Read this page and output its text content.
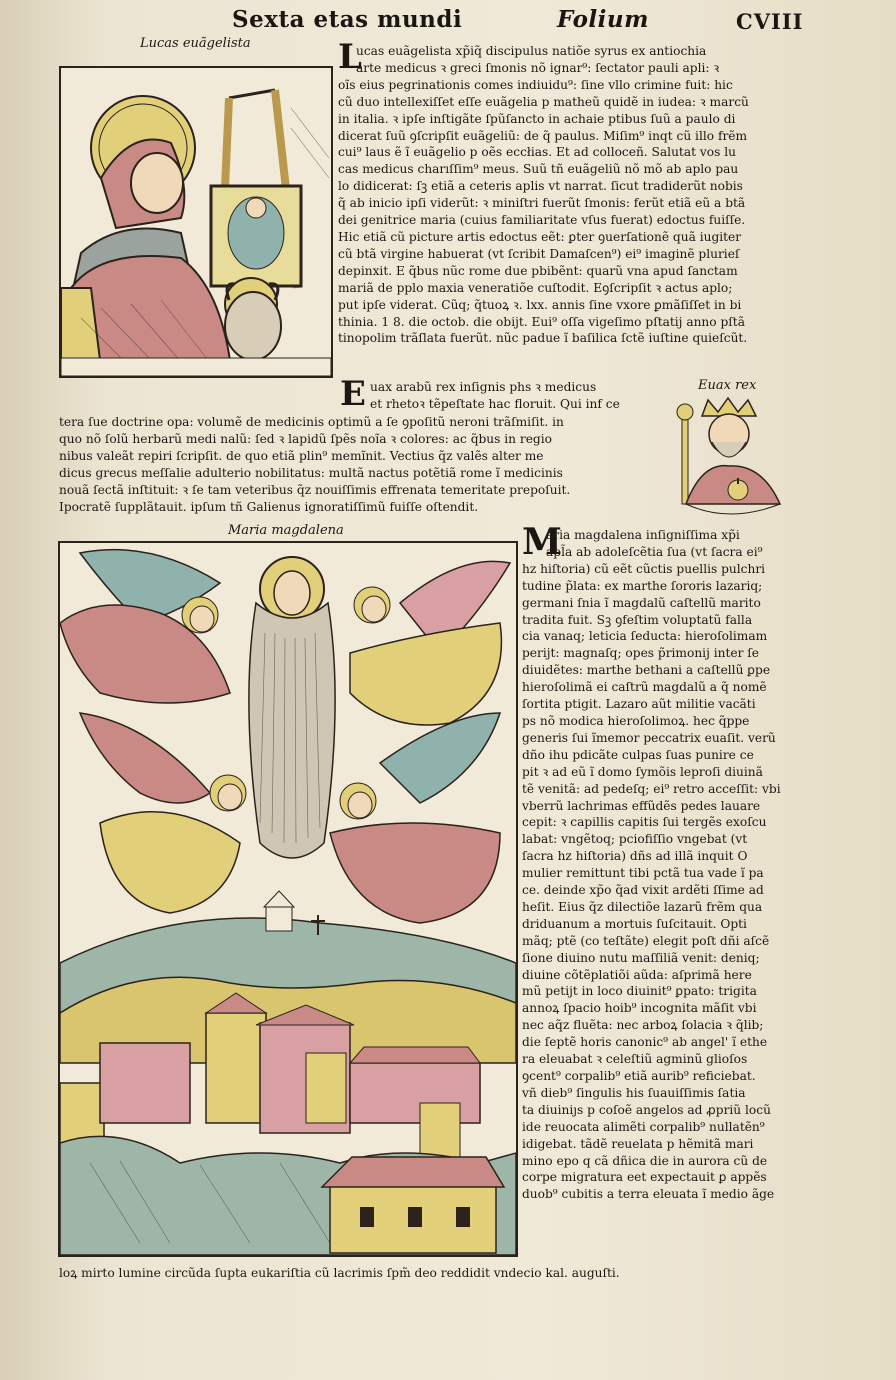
Sexta etas mundi	Folium	CVIII
Lucas euãgelista	L

ucas euãgelista xp̃iq̃ discipulus natiõe syrus ex antiochia

arte medicus ꝛ greci ſmonis nõ ignar⁹: ſectator pauli apli: ꝛ

oĩs eius pegrinationis comes indiuidu⁹: ſine vllo crimine fuit: hic

cũ duo intellexiſſet eſſe euãgelia p matheũ quidẽ in iudea: ꝛ marcũ

in italia. ꝛ ipſe inſtigãte ſpũſancto in achaie ptibus ſuũ a paulo di

dicerat ſuũ ꝯſcripſit euãgeliũ: de q̃ paulus. Miſim⁹ inqt cũ illo frẽm

cui⁹ laus ẽ ĩ euãgelio p oẽs eccłias. Et ad colloceñ. Salutat vos lu

cas medicus charıſſim⁹ meus. Suũ tñ euãgeliũ nõ mõ ab aplo pau

lo didicerat: ſꝫ etiã a ceteris aplis vt narrat. ſicut tradiderũt nobis

q̃ ab inicio ipſi viderũt: ꝛ miniſtri fuerũt ſmonis: ferũt etiã eũ a btã

dei genitrice maria (cuius familiaritate vſus fuerat) edoctus fuiſſe.

Hic etiã cũ picture artis edoctus eẽt: ꝑter ꝯuerſationẽ quã iugiter

cũ btã virgine habuerat (vt ſcribit Damaſcen⁹) ei⁹ imaginẽ plurieſ

depinxit. E q̃bus nũc rome due pbibẽnt: quarũ vna apud ſanctam

mariã de pplo maxia veneratiõe cuſtodit. Eꝯſcripſit ꝛ actus aplo;

put ipſe viderat. Cũq; q̃tuoꝝ ꝛ. lxx. annis ſine vxore ꝑmãſiſſet in bi

thinia. 1 8. die octob. die obijt. Eui⁹ oſſa vigeſimo pſtatij anno pſtã

tinopolim trãſlata fuerũt. nũc padue ĩ baſilica ſctẽ iuſtine quieſcũt.

Euax rex
E uax arabũ rex inſignis phs ꝛ medicus

et rhetoꝛ tẽpeſtate hac floruit. Qui inf ce

tera ſue doctrine opa: volumẽ de medicinis optimũ a ſe ꝯpoſitũ neroni trãſmiſit. in

quo nõ ſolũ herbarũ medi nalũ: ſed ꝛ lapidũ ſpẽs noĩa ꝛ colores: ac q̃bus in regio

nibus valeãt repiri ſcripſit. de quo etiã plin⁹ memĩnit. Vectius q̃z valẽs alter me

dicus grecus meſſalie adulterio nobilitatus: multã nactus potẽtiã rome ĩ medicinis

nouã ſectã inſtituit: ꝛ ſe tam veteribus q̃z nouiſſimis effrenata temeritate prepoſuit.

Ipocratẽ ſupplãtauit. ipſum tñ Galienus ignoratiſſimũ fuiſſe oſtendit.

Maria magdalena	M

aria magdalena inſigniſſima xp̃i

apl̃a ab adoleſcẽtia ſua (vt ſacra ei⁹

hz hiſtoria) cũ eẽt cũctis puellis pulchri

tudine p̃lata: ex marthe ſororis lazariq;

germani ſnia ĩ magdalũ caſtellũ marito

tradita fuit. Sꝫ ꝯfeſtim voluptatũ falla

cia vanaq; leticia ſeducta: hieroſolimam

perijt: magnaſq; opes p̃rimonij inter ſe

diuidẽtes: marthe bethani a caſtellũ ꝑpe

hieroſolimã ei caſtrũ magdalũ a q̃ nomẽ

ſortita ptigit. Lazaro aũt militie vacãti

ps nõ modica hieroſolimoꝝ. hec q̃ppe

generis ſui ĩmemor peccatrix euaſit. verũ

dño ihu pdicãte culpas ſuas punire ce

pit ꝛ ad eũ ĩ domo ſymõis leproſi diuinã

tẽ venitã: ad pedeſq; ei⁹ retro acceſſit: vbi

vberrũ lachrimas effũdẽs pedes lauare

cepit: ꝛ capillis capitis ſui tergẽs exoſcu

labat: vngẽtoq; pciofiſſio vngebat (vt

ſacra hz hiſtoria) dñs ad illã inquit O

mulier remittunt tibi pctã tua vade ĩ pa

ce. deinde xp̃o q̃ad vixit ardẽti ſſime ad

heſit. Eius q̃z dilectiõe lazarũ frẽm qua

driduanum a mortuis ſuſcitauit. Opti

mãq; ptẽ (co teſtãte) elegit poſt dñi aſcẽ

ſione diuino nutu maſſiliã venit: deniq;

diuine cõtẽplatiõi aũda: aſprimã here

mũ petijt in loco diuinit⁹ ꝑpato: trigita

annoꝝ ſpacio hoib⁹ incognita mãſit vbi

nec aq̃z fluẽta: nec arboꝝ ſolacia ꝛ q̃lib;

die ſeptẽ horis canonic⁹ ab angel' ĩ ethe

ra eleuabat ꝛ celeſtiũ agminũ glioſos

ꝯcent⁹ corpalib⁹ etiã aurib⁹ reficiebat.

vñ dieb⁹ ſingulis his ſuauiſſimis ſatia

ta diuiniȷs p coſoẽ angelos ad ꝓpriũ locũ

ide reuocata alimẽti corpalib⁹ nullatẽn⁹

idigebat. tãdẽ reuelata p hẽmitã mari

mino epo q cã dñica die in aurora cũ de

corpe migratura eet expectauit ꝑ appẽs

duob⁹ cubitis a terra eleuata ĩ medio ãge

loꝝ mirto lumine circũda ſupta eukariſtia cũ lacrimis ſpm̃ deo reddidit vndecio kal. auguſti.
